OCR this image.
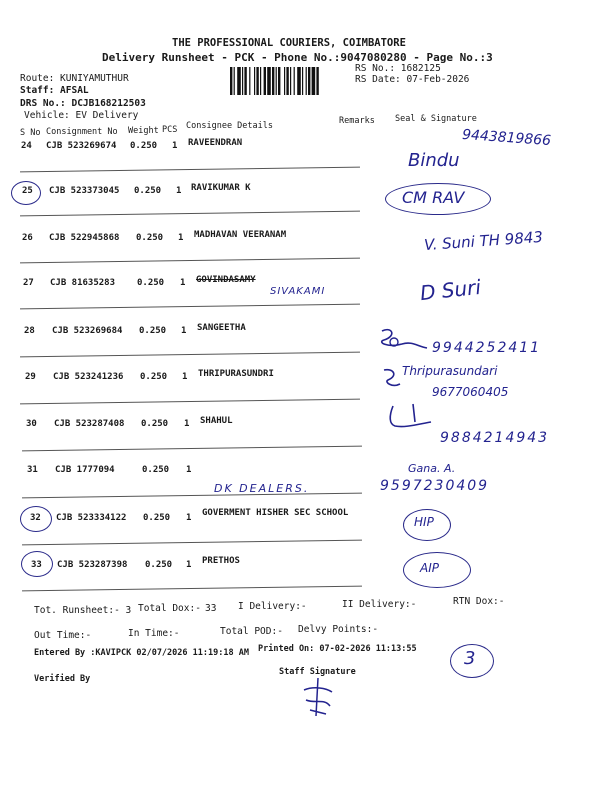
THE PROFESSIONAL COURIERS, COIMBATORE
Delivery Runsheet - PCK - Phone No.:9047080280 - Page No.:3
RS No.: 1682125
RS Date: 07-Feb-2026
Route: KUNIYAMUTHUR
Staff: AFSAL
DRS No.: DCJB168212503
Vehicle: EV Delivery
S No Consignment No Weight PCS Consignee Details	Remarks Seal & Signature
24 CJB 523269674 0.250 1 RAVEENDRAN
25 CJB 523373045 0.250 1 RAVIKUMAR K
26 CJB 522945868 0.250 1 MADHAVAN VEERANAM
27 CJB 81635283 0.250 1 GOVINDASAMY
28 CJB 523269684 0.250 1 SANGEETHA
29 CJB 523241236 0.250 1 THRIPURASUNDRI
30 CJB 523287408 0.250 1 SHAHUL
31 CJB 1777094	0.250 1
32 CJB 523334122 0.250 1 GOVERMENT HISHER SEC SCHOOL
33 CJB 523287398 0.250 1 PRETHOS
9443819866
Bindu
CM RAV
V. Suni TH 9843
SIVAKAMI	D Suri
9944252411
Thripurasundari
9677060405
9884214943
DK DEALERS.
Gana. A.
9597230409
HIP
AIP
Tot. Runsheet:- 3 Total Dox:- 33 I Delivery:-	II Delivery:-	RTN Dox:-
Out Time:-	In Time:-	Total POD:- Delvy Points:-
Entered By :KAVIPCK 02/07/2026 11:19:18 AM Printed On: 07-02-2026 11:13:55	3
Verified By
Staff Signature
